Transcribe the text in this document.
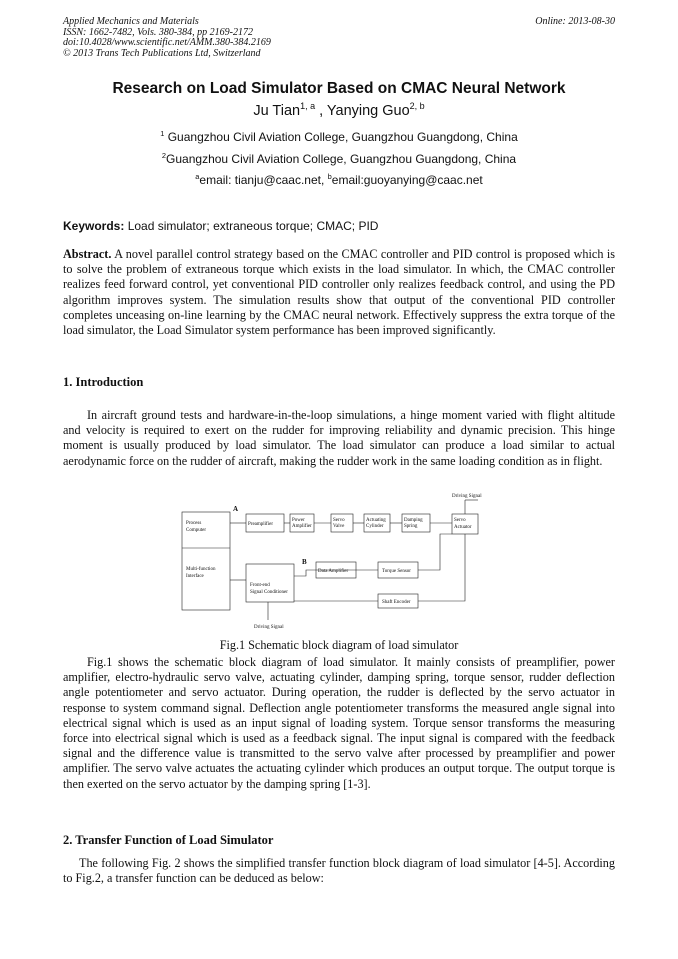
Applied Mechanics and Materials
ISSN: 1662-7482, Vols. 380-384, pp 2169-2172
doi:10.4028/www.scientific.net/AMM.380-384.2169
© 2013 Trans Tech Publications Ltd, Switzerland
Online: 2013-08-30
Research on Load Simulator Based on CMAC Neural Network
Ju Tian$^{1, a}$ , Yanying Guo$^{2, b}$
$^1$ Guangzhou Civil Aviation College, Guangzhou Guangdong, China
$^2$Guangzhou Civil Aviation College, Guangzhou Guangdong, China
$^a$email: tianju@caac.net, $^b$email:guoyanying@caac.net
Keywords: Load simulator; extraneous torque; CMAC; PID
Abstract. A novel parallel control strategy based on the CMAC controller and PID control is proposed which is to solve the problem of extraneous torque which exists in the load simulator. In which, the CMAC controller realizes feed forward control, yet conventional PID controller only realizes feedback control, and using the PD algorithm improves system. The simulation results show that output of the conventional PID controller completes unceasing on-line learning by the CMAC neural network. Effectively suppress the extra torque of the load simulator, the Load Simulator system performance has been improved significantly.
1. Introduction
In aircraft ground tests and hardware-in-the-loop simulations, a hinge moment varied with flight altitude and velocity is required to exert on the rudder for improving reliability and dynamic precision. This hinge moment is usually produced by load simulator. The load simulator can produce a load similar to actual aerodynamic force on the rudder of aircraft, making the rudder work in the same loading condition as in flight.
Process
Computer
Multi-function
Interface
Preamplifier
Power
Amplifier
Servo
Valve
Actuating
Cylinder
Damping
Spring
Servo
Actuator
A
Driving Signal
Front-end
Signal Conditioner
Driving Signal
Data Amplifier	Torque Sensor
Shaft Encoder
B
Fig.1 Schematic block diagram of load simulator
Fig.1 shows the schematic block diagram of load simulator. It mainly consists of preamplifier, power amplifier, electro-hydraulic servo valve, actuating cylinder, damping spring, torque sensor, rudder deflection angle potentiometer and servo actuator. During operation, the rudder is deflected by the servo actuator in response to system command signal. Deflection angle potentiometer transforms the measured angle signal into electrical signal which is used as an input signal of loading system. Torque sensor transforms the measuring force into electrical signal which is used as a feedback signal. The input signal is compared with the feedback signal and the difference value is transmitted to the servo valve after processed by preamplifier and power amplifier. The servo valve actuates the actuating cylinder which produces an output torque. The output torque is then exerted on the servo actuator by the damping spring [1-3].
2. Transfer Function of Load Simulator
The following Fig. 2 shows the simplified transfer function block diagram of load simulator [4-5]. According to Fig.2, a transfer function can be deduced as below:
